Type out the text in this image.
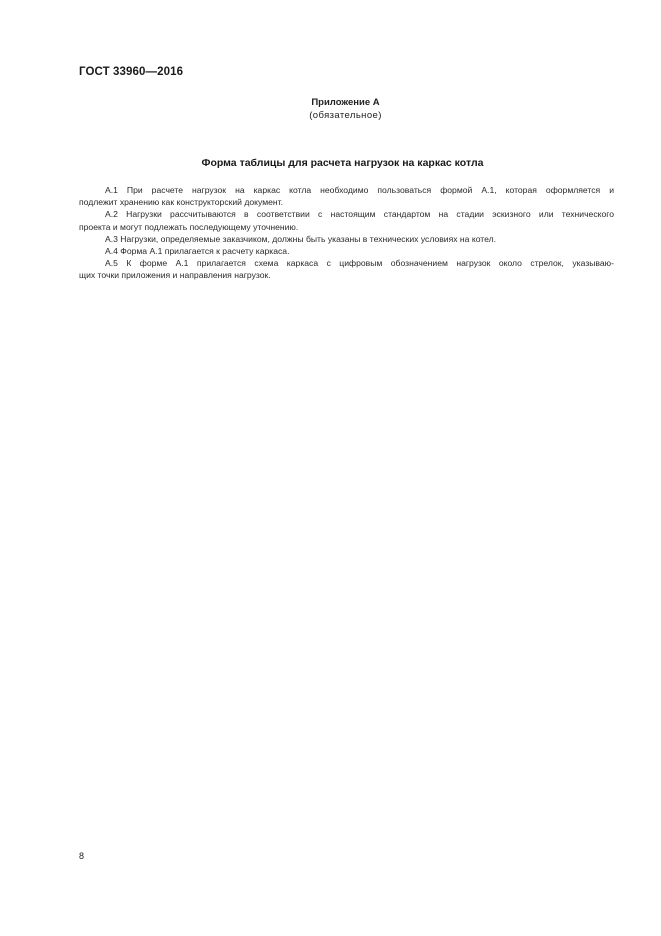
ГОСТ 33960—2016
Приложение А
(обязательное)
Форма таблицы для расчета нагрузок на каркас котла

А.1 При расчете нагрузок на каркас котла необходимо пользоваться формой А.1, которая оформляется и

подлежит хранению как конструкторский документ.

А.2 Нагрузки рассчитываются в соответствии с настоящим стандартом на стадии эскизного или технического

проекта и могут подлежать последующему уточнению.

А.3 Нагрузки, определяемые заказчиком, должны быть указаны в технических условиях на котел.

А.4 Форма А.1 прилагается к расчету каркаса.

А.5 К форме А.1 прилагается схема каркаса с цифровым обозначением нагрузок около стрелок, указываю-

щих точки приложения и направления нагрузок.

8
